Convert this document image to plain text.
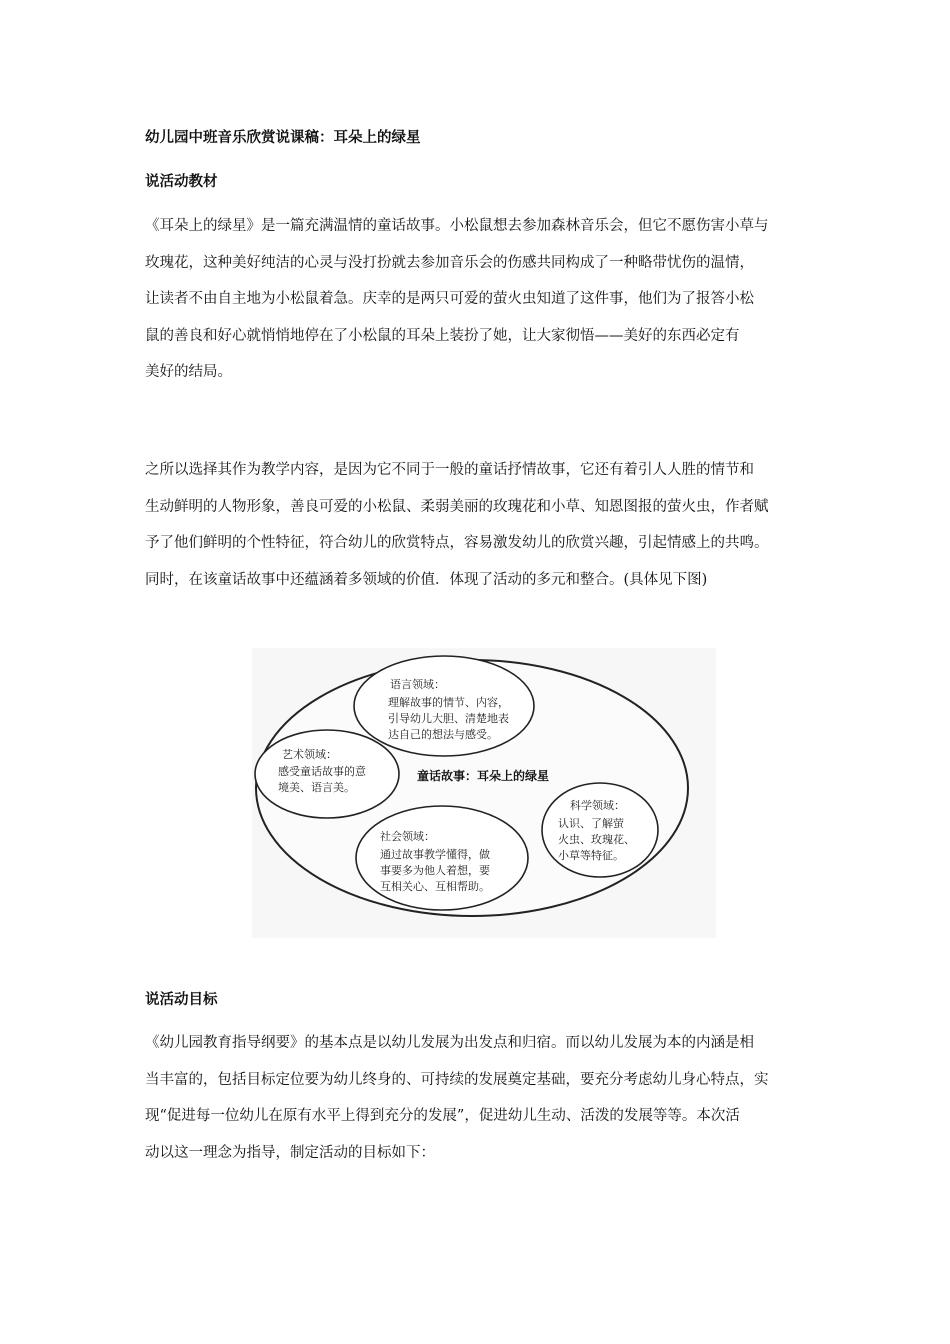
幼儿园中班音乐欣赏说课稿：耳朵上的绿星
说活动教材
《耳朵上的绿星》是一篇充满温情的童话故事。小松鼠想去参加森林音乐会，但它不愿伤害小草与
玫瑰花，这种美好纯洁的心灵与没打扮就去参加音乐会的伤感共同构成了一种略带忧伤的温情，
让读者不由自主地为小松鼠着急。庆幸的是两只可爱的萤火虫知道了这件事，他们为了报答小松
鼠的善良和好心就悄悄地停在了小松鼠的耳朵上装扮了她，让大家彻悟——美好的东西必定有
美好的结局。
之所以选择其作为教学内容，是因为它不同于一般的童话抒情故事，它还有着引人人胜的情节和
生动鲜明的人物形象，善良可爱的小松鼠、柔弱美丽的玫瑰花和小草、知恩图报的萤火虫，作者赋
予了他们鲜明的个性特征，符合幼儿的欣赏特点，容易激发幼儿的欣赏兴趣，引起情感上的共鸣。
同时，在该童话故事中还蕴涵着多领域的价值．体现了活动的多元和整合。(具体见下图)
语言领域：
理解故事的情节、内容，
引导幼儿大胆、清楚地表
达自己的想法与感受。
艺术领域：
感受童话故事的意
境美、语言美。
童话故事：耳朵上的绿星
科学领域：
认识、了解萤
火虫、玫瑰花、
小草等特征。
社会领域：
通过故事教学懂得，做
事要多为他人着想，要
互相关心、互相帮助。
说活动目标
《幼儿园教育指导纲要》的基本点是以幼儿发展为出发点和归宿。而以幼儿发展为本的内涵是相
当丰富的，包括目标定位要为幼儿终身的、可持续的发展奠定基础，要充分考虑幼儿身心特点，实
现“促进每一位幼儿在原有水平上得到充分的发展”，促进幼儿生动、活泼的发展等等。本次活
动以这一理念为指导，制定活动的目标如下：
